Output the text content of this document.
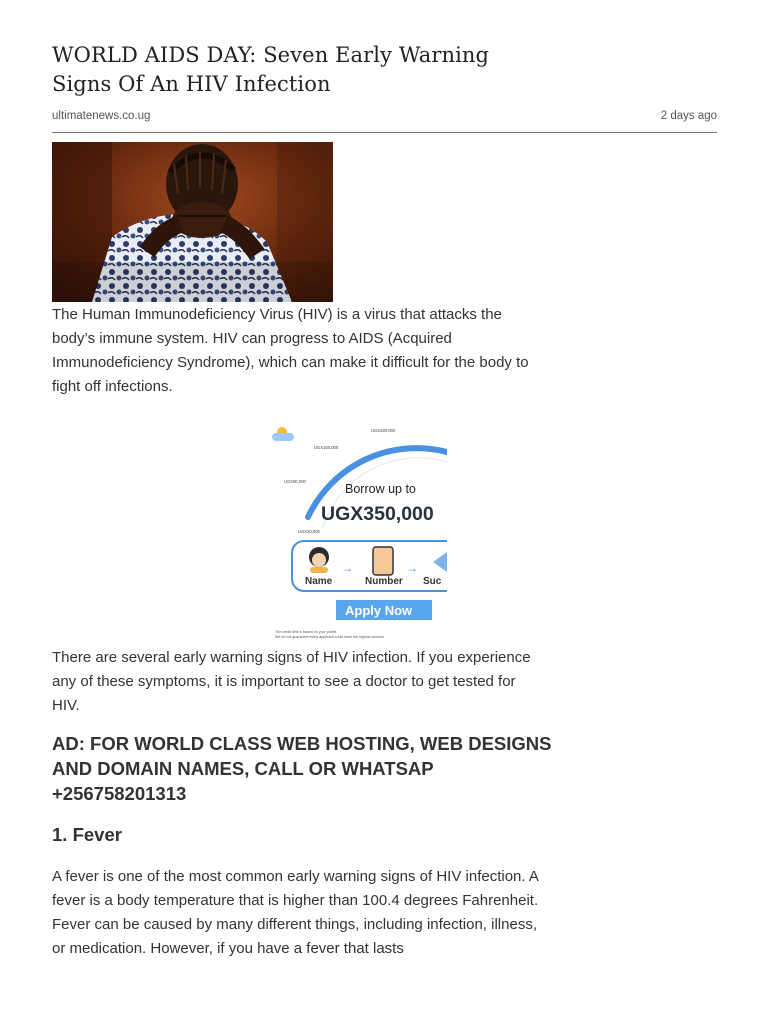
WORLD AIDS DAY: Seven Early Warning Signs Of An HIV Infection
ultimatenews.co.ug	2 days ago

The Human Immunodeficiency Virus (HIV) is a virus that attacks the body’s immune system. HIV can progress to AIDS (Acquired Immunodeficiency Syndrome), which can make it difficult for the body to fight off infections.

UGX20,000
UGX80,000
UGX150,000
UGX280,000
Borrow up to
UGX350,000
Name
→
Number
→
Suc
Apply Now
The credit limit is based on your profile
We do not guarantee every applicant could have the highest amount

There are several early warning signs of HIV infection. If you experience any of these symptoms, it is important to see a doctor to get tested for HIV.

AD: FOR WORLD CLASS WEB HOSTING, WEB DESIGNS AND DOMAIN NAMES, CALL OR WHATSAP +256758201313
1. Fever

A fever is one of the most common early warning signs of HIV infection. A fever is a body temperature that is higher than 100.4 degrees Fahrenheit. Fever can be caused by many different things, including infection, illness, or medication. However, if you have a fever that lasts
